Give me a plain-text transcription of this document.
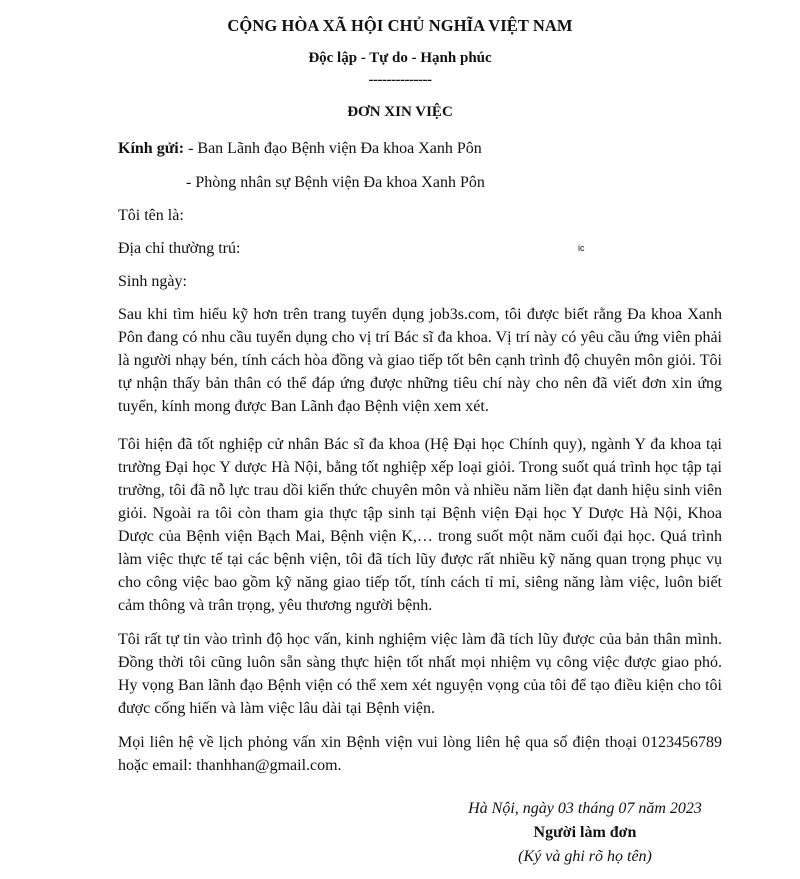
CỘNG HÒA XÃ HỘI CHỦ NGHĨA VIỆT NAM
Độc lập - Tự do - Hạnh phúc
--------------
ĐƠN XIN VIỆC
Kính gửi: - Ban Lãnh đạo Bệnh viện Đa khoa Xanh Pôn
- Phòng nhân sự Bệnh viện Đa khoa Xanh Pôn
Tôi tên là:
Địa chỉ thường trú:	ic
Sinh ngày:
Sau khi tìm hiểu kỹ hơn trên trang tuyển dụng job3s.com, tôi được biết rằng Đa khoa Xanh
Pôn đang có nhu cầu tuyển dụng cho vị trí Bác sĩ đa khoa. Vị trí này có yêu cầu ứng viên phải
là người nhạy bén, tính cách hòa đồng và giao tiếp tốt bên cạnh trình độ chuyên môn giỏi. Tôi
tự nhận thấy bản thân có thể đáp ứng được những tiêu chí này cho nên đã viết đơn xin ứng
tuyển, kính mong được Ban Lãnh đạo Bệnh viện xem xét.
Tôi hiện đã tốt nghiệp cử nhân Bác sĩ đa khoa (Hệ Đại học Chính quy), ngành Y đa khoa tại
trường Đại học Y dược Hà Nội, bằng tốt nghiệp xếp loại giỏi. Trong suốt quá trình học tập tại
trường, tôi đã nỗ lực trau dồi kiến thức chuyên môn và nhiều năm liền đạt danh hiệu sinh viên
giỏi. Ngoài ra tôi còn tham gia thực tập sinh tại Bệnh viện Đại học Y Dược Hà Nội, Khoa
Dược của Bệnh viện Bạch Mai, Bệnh viện K,… trong suốt một năm cuối đại học. Quá trình
làm việc thực tế tại các bệnh viện, tôi đã tích lũy được rất nhiều kỹ năng quan trọng phục vụ
cho công việc bao gồm kỹ năng giao tiếp tốt, tính cách tỉ mỉ, siêng năng làm việc, luôn biết
cảm thông và trân trọng, yêu thương người bệnh.
Tôi rất tự tin vào trình độ học vấn, kinh nghiệm việc làm đã tích lũy được của bản thân mình.
Đồng thời tôi cũng luôn sẵn sàng thực hiện tốt nhất mọi nhiệm vụ công việc được giao phó.
Hy vọng Ban lãnh đạo Bệnh viện có thể xem xét nguyện vọng của tôi để tạo điều kiện cho tôi
được cống hiến và làm việc lâu dài tại Bệnh viện.
Mọi liên hệ về lịch phỏng vấn xin Bệnh viện vui lòng liên hệ qua số điện thoại 0123456789
hoặc email: thanhhan@gmail.com.
Hà Nội, ngày 03 tháng 07 năm 2023
Người làm đơn
(Ký và ghi rõ họ tên)
